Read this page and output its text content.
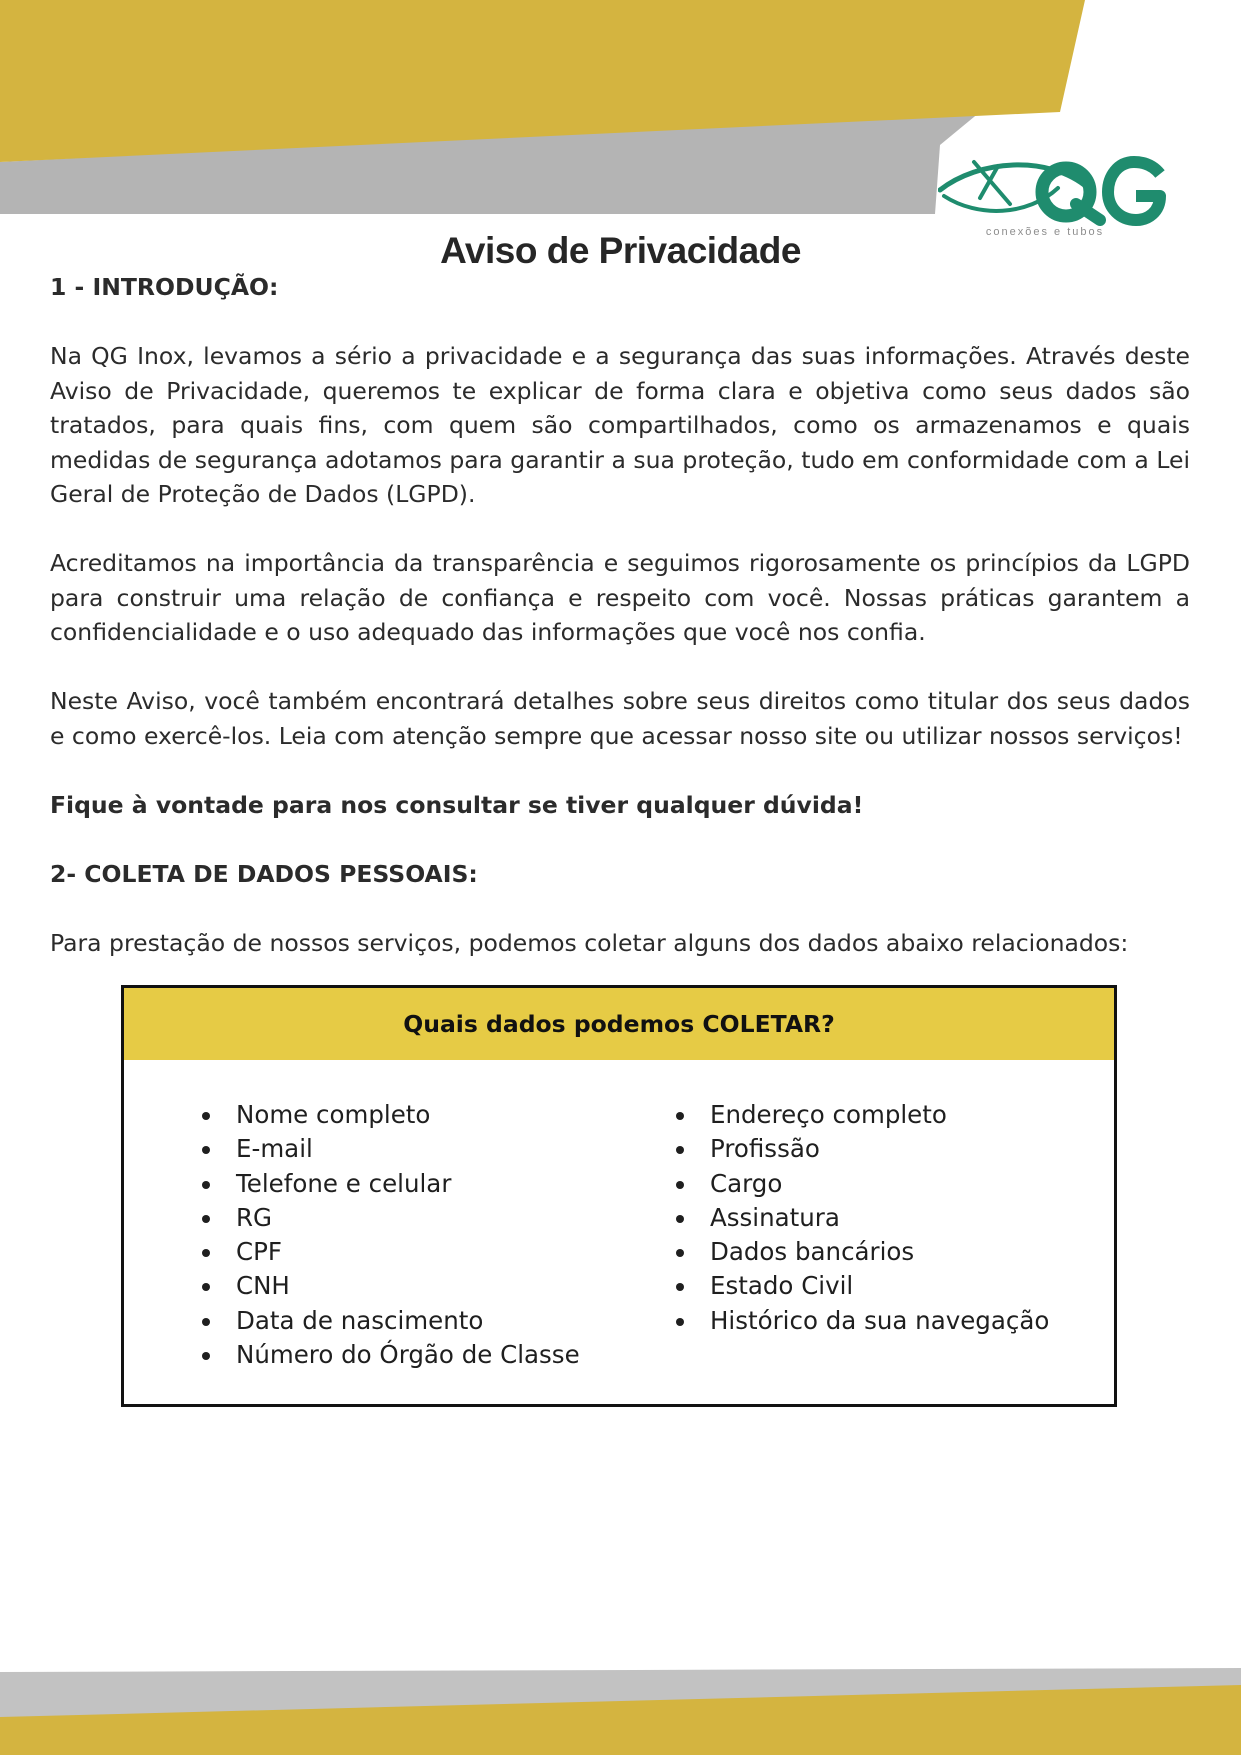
conexões e tubos
Aviso de Privacidade

1 - INTRODUÇÃO:

Na QG Inox, levamos a sério a privacidade e a segurança das suas informações. Através deste Aviso de Privacidade, queremos te explicar de forma clara e objetiva como seus dados são tratados, para quais fins, com quem são compartilhados, como os armazenamos e quais medidas de segurança adotamos para garantir a sua proteção, tudo em conformidade com a Lei Geral de Proteção de Dados (LGPD).

Acreditamos na importância da transparência e seguimos rigorosamente os princípios da LGPD para construir uma relação de confiança e respeito com você. Nossas práticas garantem a confidencialidade e o uso adequado das informações que você nos confia.

Neste Aviso, você também encontrará detalhes sobre seus direitos como titular dos seus dados e como exercê-los. Leia com atenção sempre que acessar nosso site ou utilizar nossos serviços!

Fique à vontade para nos consultar se tiver qualquer dúvida!

2- COLETA DE DADOS PESSOAIS:

Para prestação de nossos serviços, podemos coletar alguns dos dados abaixo relacionados:

Quais dados podemos COLETAR?
Nome completo
E-mail
Telefone e celular
RG
CPF
CNH
Data de nascimento
Número do Órgão de Classe
Endereço completo
Profissão
Cargo
Assinatura
Dados bancários
Estado Civil
Histórico da sua navegação
